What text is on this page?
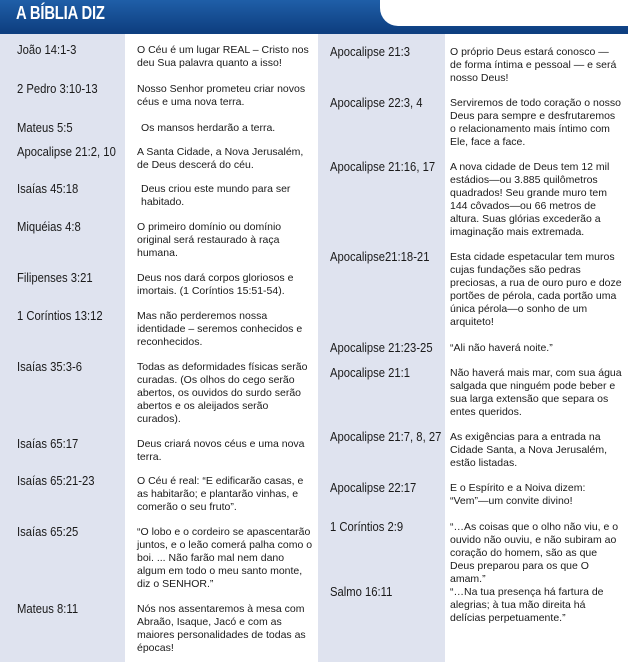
A BÍBLIA DIZ
João 14:1-3	O Céu é um lugar REAL – Cristo nos deu Sua palavra quanto a isso!
2 Pedro 3:10-13	Nosso Senhor prometeu criar novos céus e uma nova terra.
Mateus 5:5	Os mansos herdarão a terra.
Apocalipse 21:2, 10 A Santa Cidade, a Nova Jerusalém, de Deus descerá do céu.
Isaías 45:18	Deus criou este mundo para ser habitado.
Miquéias 4:8	O primeiro domínio ou domínio original será restaurado à raça humana.
Filipenses 3:21	Deus nos dará corpos gloriosos e imortais. (1 Coríntios 15:51-54).
1 Coríntios 13:12	Mas não perderemos nossa identidade – seremos conhecidos e reconhecidos.
Isaías 35:3-6	Todas as deformidades físicas serão curadas. (Os olhos do cego serão abertos, os ouvidos do surdo serão abertos e os aleijados serão curados).
Isaías 65:17	Deus criará novos céus e uma nova terra.
Isaías 65:21-23	O Céu é real: “E edificarão casas, e as habitarão; e plantarão vinhas, e comerão o seu fruto”.
Isaías 65:25	“O lobo e o cordeiro se apascentarão juntos, e o leão comerá palha como o boi. ... Não farão mal nem dano algum em todo o meu santo monte, diz o SENHOR.”
Mateus 8:11	Nós nos assentaremos à mesa com Abraão, Isaque, Jacó e com as maiores personalidades de todas as épocas!
Apocalipse 21:3	O próprio Deus estará conosco — de forma íntima e pessoal — e será nosso Deus!
Apocalipse 22:3, 4	Serviremos de todo coração o nosso Deus para sempre e desfrutaremos o relacionamento mais íntimo com Ele, face a face.
Apocalipse 21:16, 17 A nova cidade de Deus tem 12 mil estádios—ou 3.885 quilômetros quadrados! Seu grande muro tem 144 côvados—ou 66 metros de altura. Suas glórias excederão a imaginação mais extremada.
Apocalipse21:18-21 Esta cidade espetacular tem muros cujas fundações são pedras preciosas, a rua de ouro puro e doze portões de pérola, cada portão uma única pérola—o sonho de um arquiteto!
Apocalipse 21:23-25 “Ali não haverá noite.”
Apocalipse 21:1	Não haverá mais mar, com sua água salgada que ninguém pode beber e sua larga extensão que separa os entes queridos.
Apocalipse 21:7, 8, 27 As exigências para a entrada na Cidade Santa, a Nova Jerusalém, estão listadas.
Apocalipse 22:17	E o Espírito e a Noiva dizem: “Vem”—um convite divino!
1 Coríntios 2:9	“…As coisas que o olho não viu, e o ouvido não ouviu, e não subiram ao coração do homem, são as que Deus preparou para os que O amam.”
Salmo 16:11	“…Na tua presença há fartura de alegrias; à tua mão direita há delícias perpetuamente.”
